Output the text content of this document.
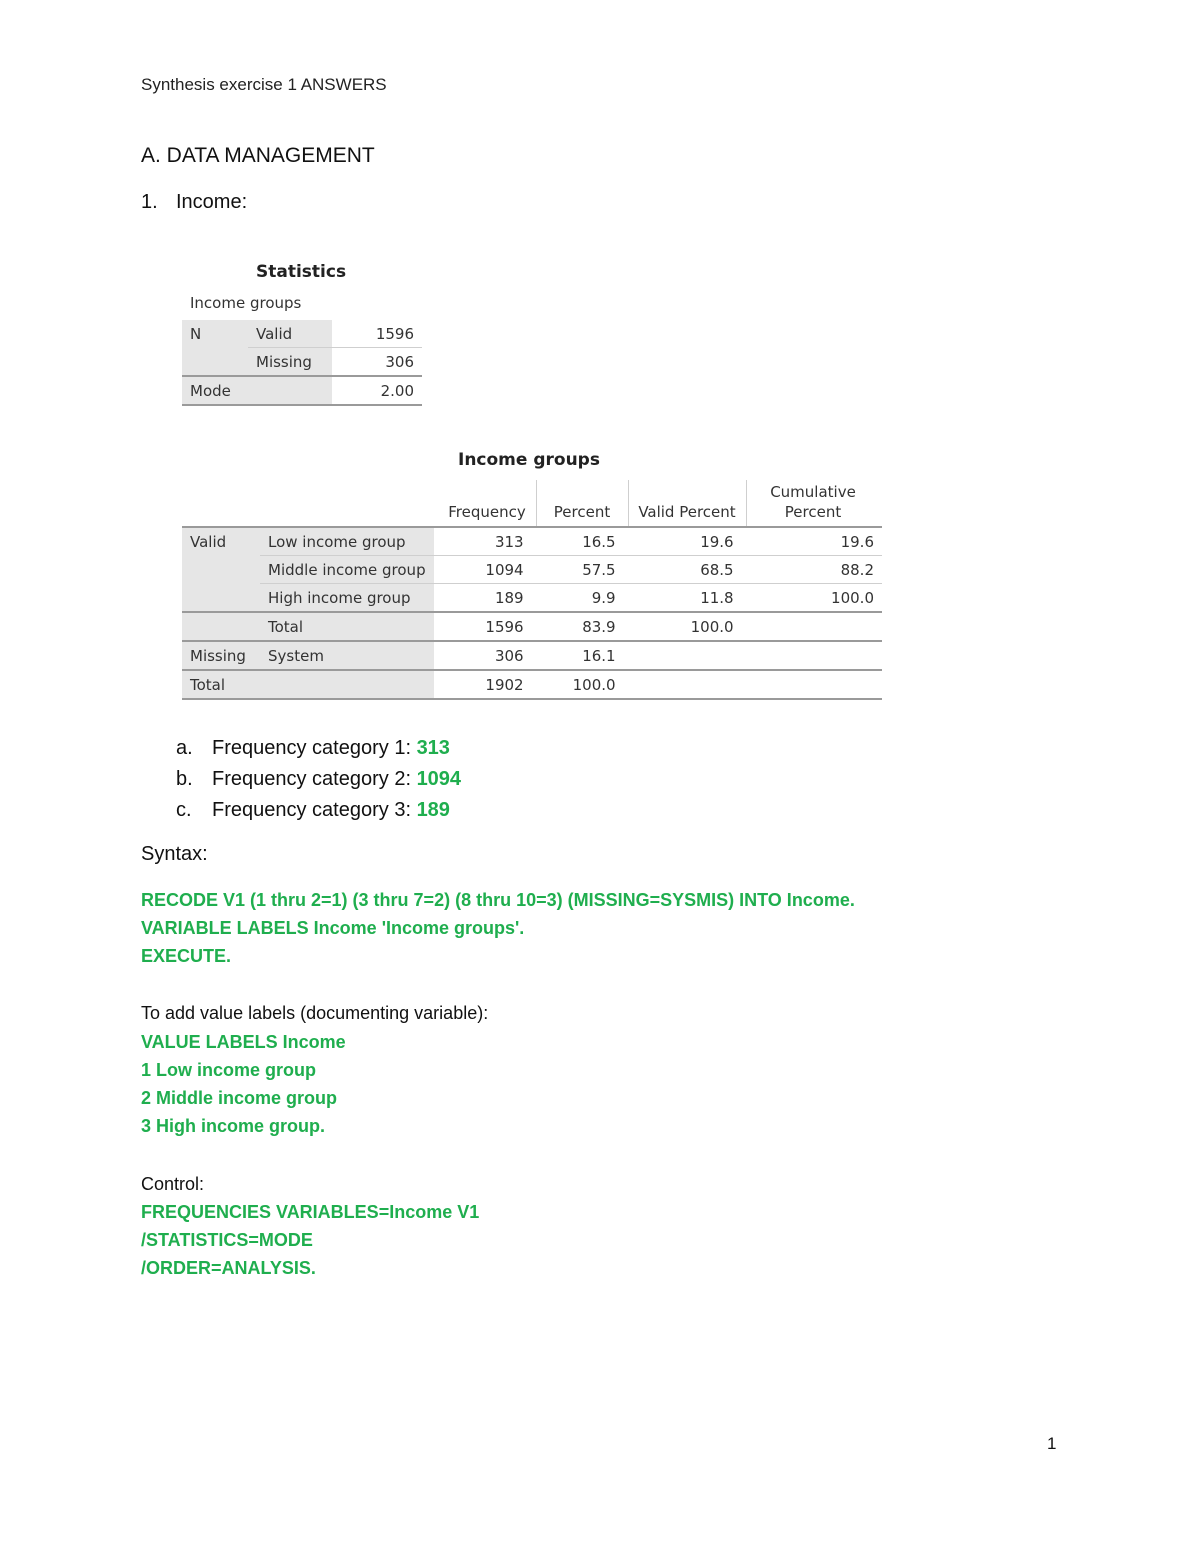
Synthesis exercise 1 ANSWERS
A. DATA MANAGEMENT
1. Income:
Statistics
Income groups
N	Valid	1596
	Missing	306
Mode		2.00
Income groups
Frequency	Percent	Valid Percent
Cumulative
Percent
Valid	Low income group	313	16.5	19.6	19.6
	Middle income group	1094	57.5	68.5	88.2
	High income group	189	9.9	11.8	100.0
	Total	1596	83.9	100.0	
Missing	System	306	16.1		
Total		1902	100.0		
a. Frequency category 1: 313
b. Frequency category 2: 1094
c. Frequency category 3: 189
Syntax:
RECODE V1 (1 thru 2=1) (3 thru 7=2) (8 thru 10=3) (MISSING=SYSMIS) INTO Income.
VARIABLE LABELS Income 'Income groups'.
EXECUTE.
To add value labels (documenting variable):
VALUE LABELS Income
1 Low income group
2 Middle income group
3 High income group.
Control:
FREQUENCIES VARIABLES=Income V1
/STATISTICS=MODE
/ORDER=ANALYSIS.
1
